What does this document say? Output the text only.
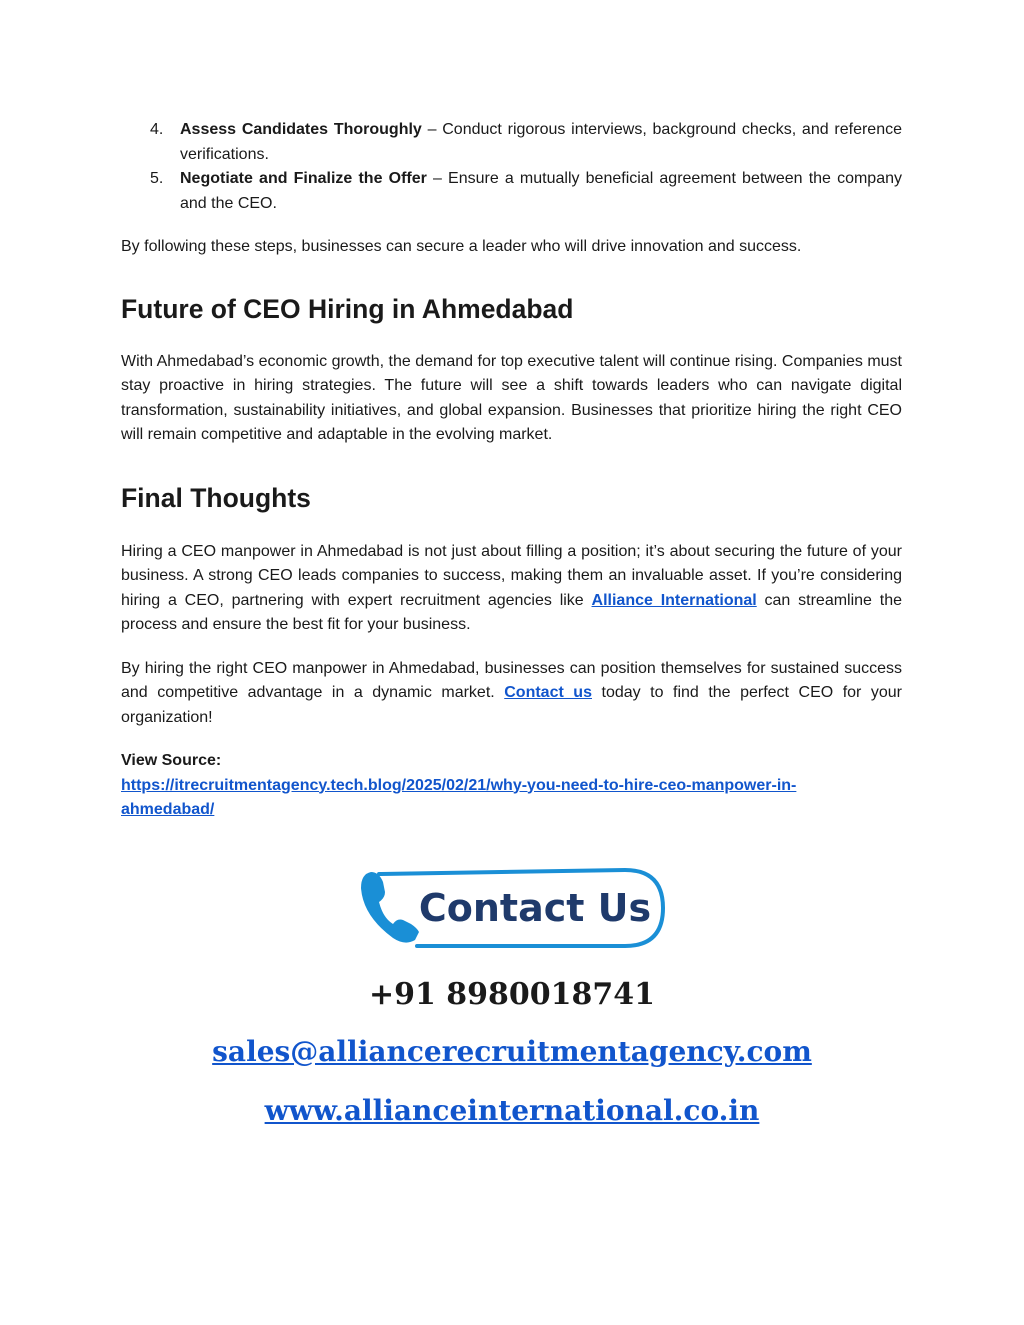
4. Assess Candidates Thoroughly – Conduct rigorous interviews, background checks, and reference verifications.
5. Negotiate and Finalize the Offer – Ensure a mutually beneficial agreement between the company and the CEO.

By following these steps, businesses can secure a leader who will drive innovation and success.

Future of CEO Hiring in Ahmedabad

With Ahmedabad’s economic growth, the demand for top executive talent will continue rising. Companies must stay proactive in hiring strategies. The future will see a shift towards leaders who can navigate digital transformation, sustainability initiatives, and global expansion. Businesses that prioritize hiring the right CEO will remain competitive and adaptable in the evolving market.

Final Thoughts

Hiring a CEO manpower in Ahmedabad is not just about filling a position; it’s about securing the future of your business. A strong CEO leads companies to success, making them an invaluable asset. If you’re considering hiring a CEO, partnering with expert recruitment agencies like Alliance International can streamline the process and ensure the best fit for your business.

By hiring the right CEO manpower in Ahmedabad, businesses can position themselves for sustained success and competitive advantage in a dynamic market. Contact us today to find the perfect CEO for your organization!

View Source:

https://itrecruitmentagency.tech.blog/2025/02/21/why-you-need-to-hire-ceo-manpower-in-
ahmedabad/

Contact Us
+91 8980018741
sales@alliancerecruitmentagency.com
www.allianceinternational.co.in
